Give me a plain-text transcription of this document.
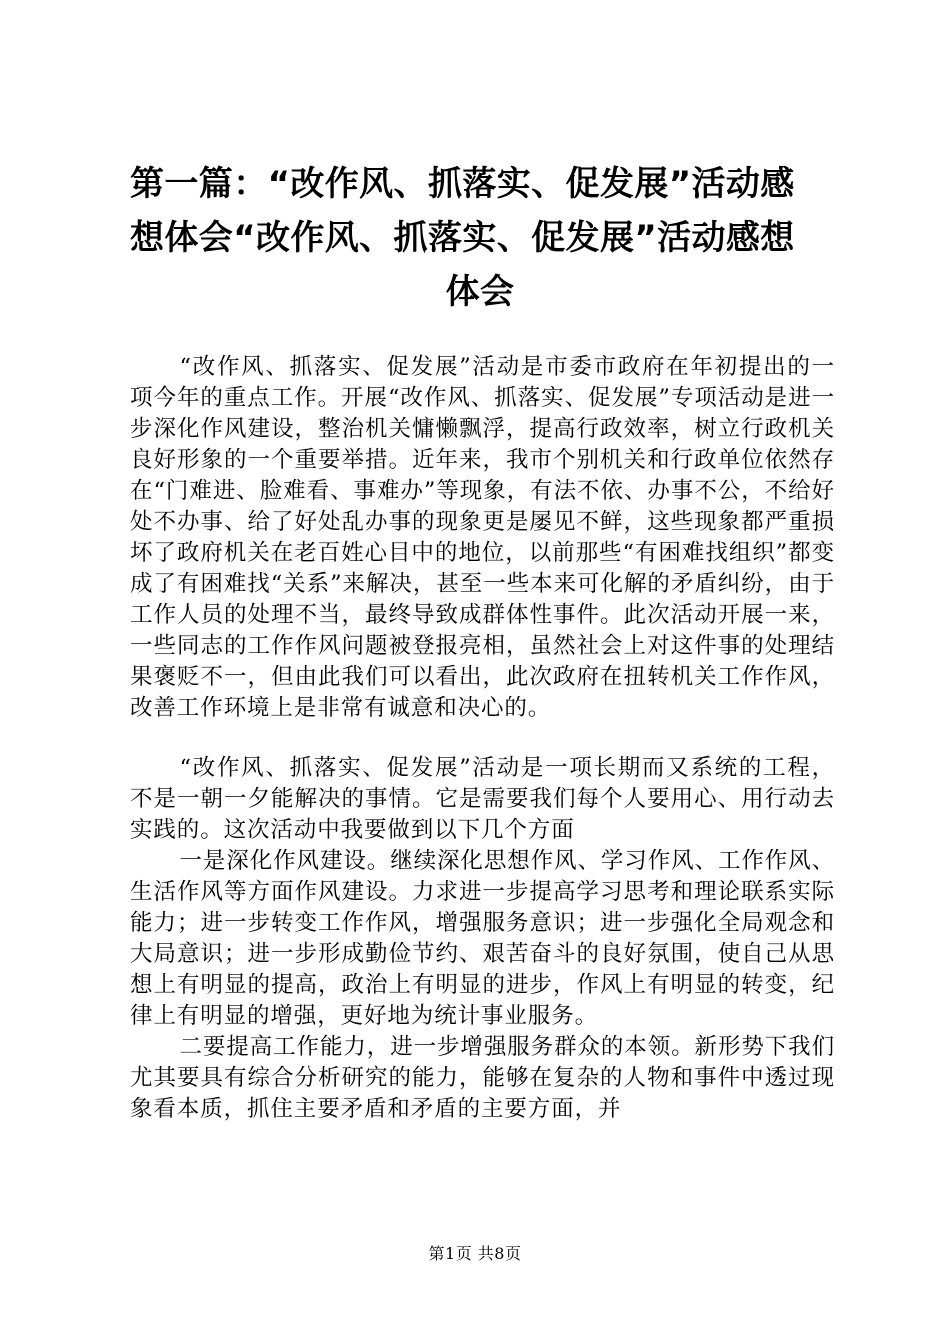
第一篇：“改作风、抓落实、促发展”活动感
想体会“改作风、抓落实、促发展”活动感想
体会

“改作风、抓落实、促发展”活动是市委市政府在年初提出的一项今年的重点工作。开展“改作风、抓落实、促发展”专项活动是进一步深化作风建设，整治机关慵懒飘浮，提高行政效率，树立行政机关良好形象的一个重要举措。近年来，我市个别机关和行政单位依然存在“门难进、脸难看、事难办”等现象，有法不依、办事不公，不给好处不办事、给了好处乱办事的现象更是屡见不鲜，这些现象都严重损坏了政府机关在老百姓心目中的地位，以前那些“有困难找组织”都变成了有困难找“关系”来解决，甚至一些本来可化解的矛盾纠纷，由于工作人员的处理不当，最终导致成群体性事件。此次活动开展一来，一些同志的工作作风问题被登报亮相，虽然社会上对这件事的处理结果褒贬不一，但由此我们可以看出，此次政府在扭转机关工作作风，改善工作环境上是非常有诚意和决心的。

“改作风、抓落实、促发展”活动是一项长期而又系统的工程，不是一朝一夕能解决的事情。它是需要我们每个人要用心、用行动去实践的。这次活动中我要做到以下几个方面

一是深化作风建设。继续深化思想作风、学习作风、工作作风、生活作风等方面作风建设。力求进一步提高学习思考和理论联系实际能力；进一步转变工作作风，增强服务意识；进一步强化全局观念和大局意识；进一步形成勤俭节约、艰苦奋斗的良好氛围，使自己从思想上有明显的提高，政治上有明显的进步，作风上有明显的转变，纪律上有明显的增强，更好地为统计事业服务。

二要提高工作能力，进一步增强服务群众的本领。新形势下我们尤其要具有综合分析研究的能力，能够在复杂的人物和事件中透过现象看本质，抓住主要矛盾和矛盾的主要方面，并

第1页 共8页
